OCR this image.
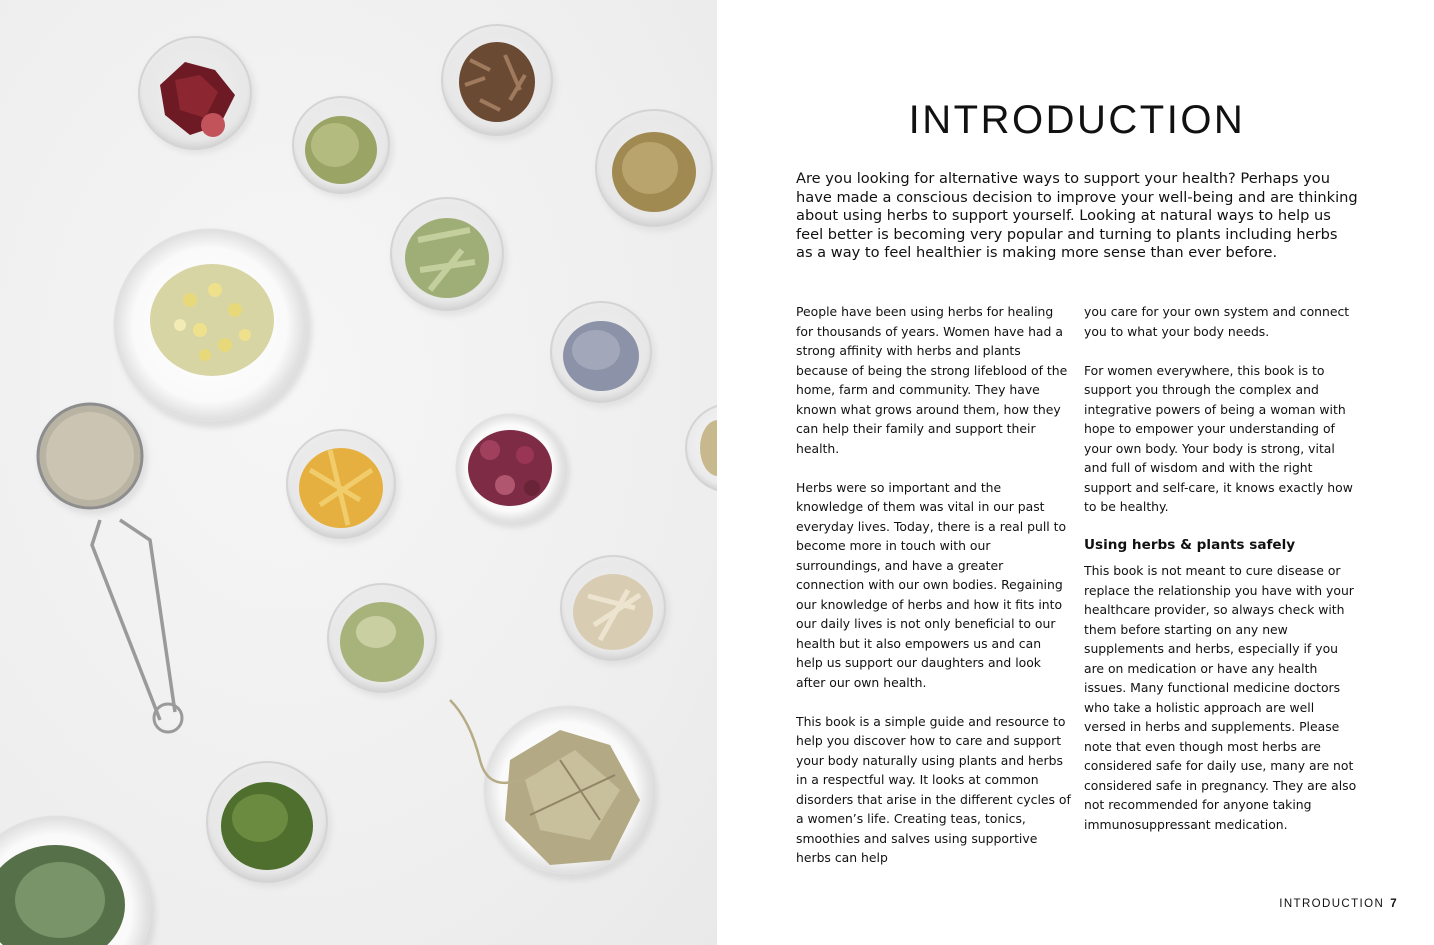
INTRODUCTION

Are you looking for alternative ways to support your health? Perhaps you have made a conscious decision to improve your well-being and are thinking about using herbs to support yourself. Looking at natural ways to help us feel better is becoming very popular and turning to plants including herbs as a way to feel healthier is making more sense than ever before.

People have been using herbs for healing for thousands of years. Women have had a strong affinity with herbs and plants because of being the strong lifeblood of the home, farm and community. They have known what grows around them, how they can help their family and support their health.

Herbs were so important and the knowledge of them was vital in our past everyday lives. Today, there is a real pull to become more in touch with our surroundings, and have a greater connection with our own bodies. Regaining our knowledge of herbs and how it fits into our daily lives is not only beneficial to our health but it also empowers us and can help us support our daughters and look after our own health.

This book is a simple guide and resource to help you discover how to care and support your body naturally using plants and herbs in a respectful way. It looks at common disorders that arise in the different cycles of a women’s life. Creating teas, tonics, smoothies and salves using supportive herbs can help

you care for your own system and connect you to what your body needs.

For women everywhere, this book is to support you through the complex and integrative powers of being a woman with hope to empower your understanding of your own body. Your body is strong, vital and full of wisdom and with the right support and self-care, it knows exactly how to be healthy.

Using herbs & plants safely

This book is not meant to cure disease or replace the relationship you have with your healthcare provider, so always check with them before starting on any new supplements and herbs, especially if you are on medication or have any health issues. Many functional medicine doctors who take a holistic approach are well versed in herbs and supplements. Please note that even though most herbs are considered safe for daily use, many are not considered safe in pregnancy. They are also not recommended for anyone taking immunosuppressant medication.

INTRODUCTION 7
